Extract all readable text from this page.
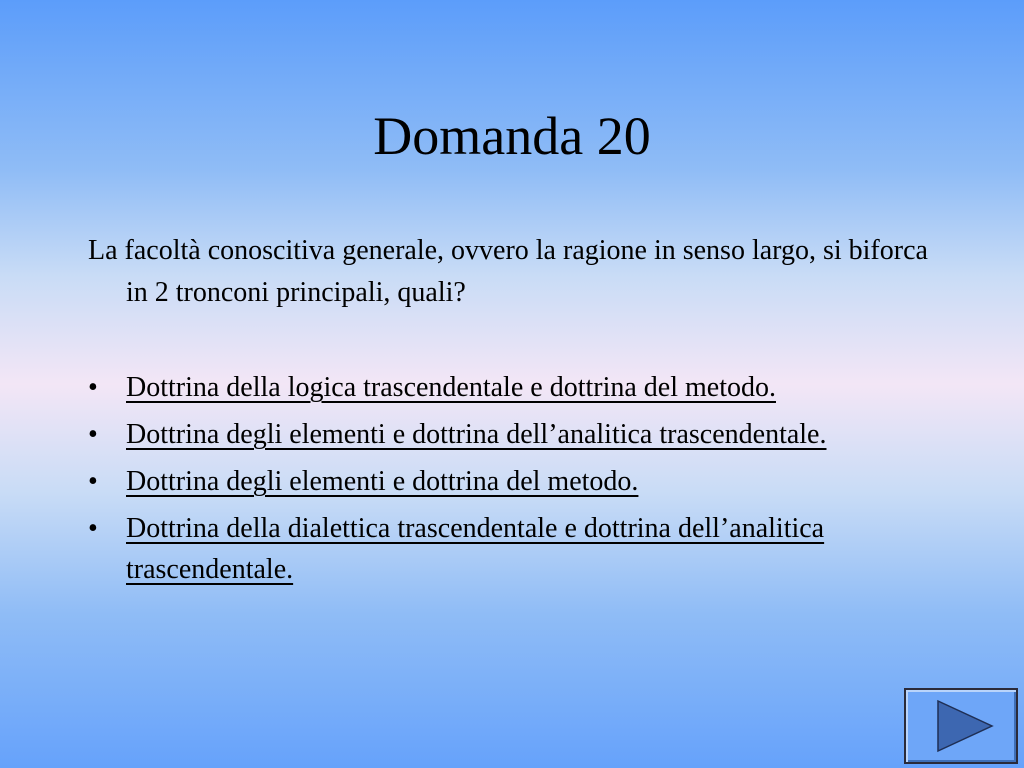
Domanda 20

La facoltà conoscitiva generale, ovvero la ragione in senso largo, si biforca in 2 tronconi principali, quali?

• Dottrina della logica trascendentale e dottrina del metodo.
• Dottrina degli elementi e dottrina dell’analitica trascendentale.
• Dottrina degli elementi e dottrina del metodo.
• Dottrina della dialettica trascendentale e dottrina dell’analitica trascendentale.
